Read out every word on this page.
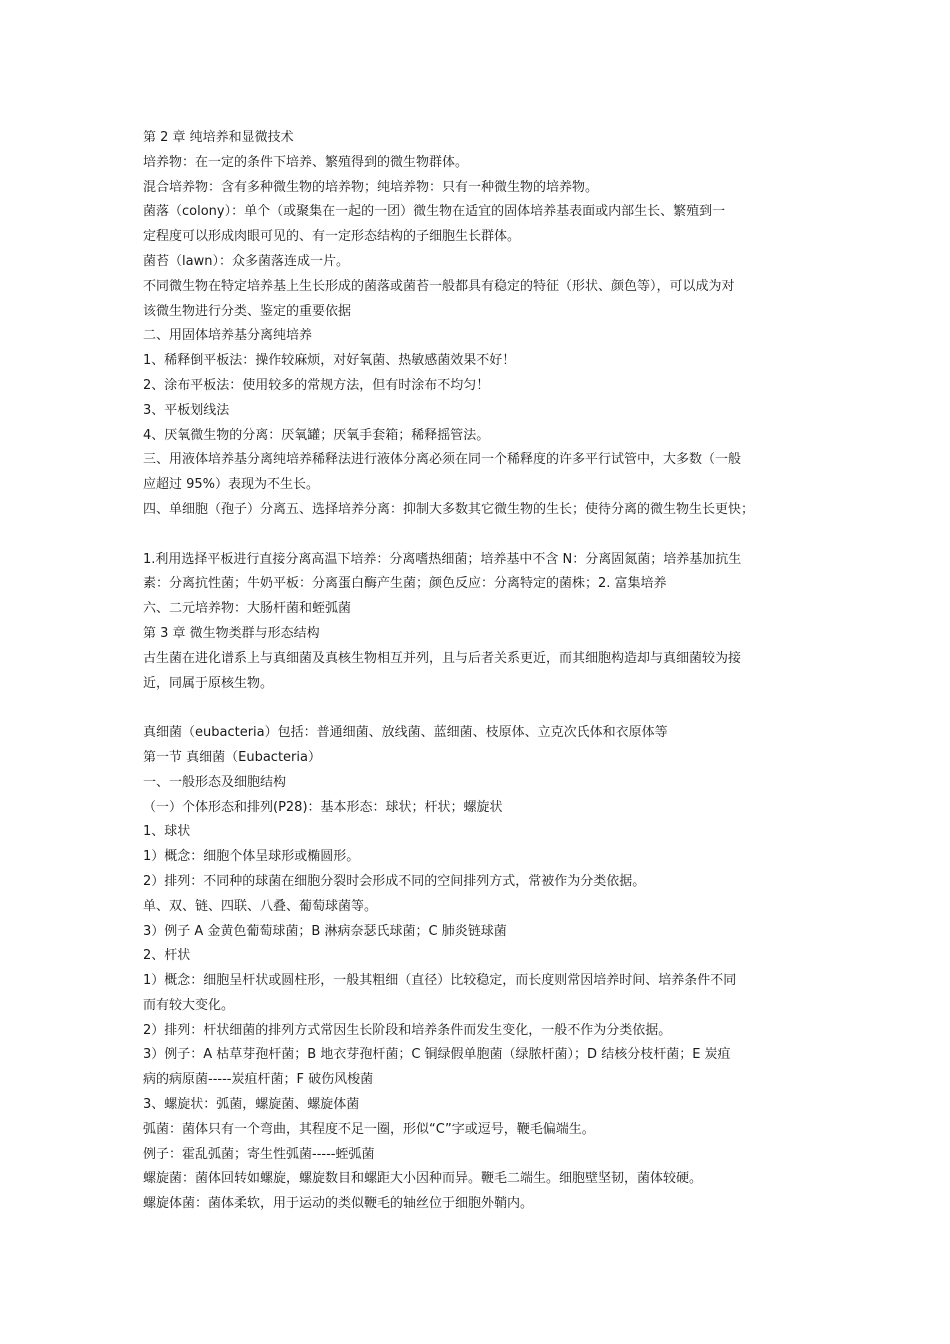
第 2 章 纯培养和显微技术
培养物：在一定的条件下培养、繁殖得到的微生物群体。
混合培养物：含有多种微生物的培养物；纯培养物：只有一种微生物的培养物。
菌落（colony）：单个（或聚集在一起的一团）微生物在适宜的固体培养基表面或内部生长、繁殖到一
定程度可以形成肉眼可见的、有一定形态结构的子细胞生长群体。
菌苔（lawn）：众多菌落连成一片。
不同微生物在特定培养基上生长形成的菌落或菌苔一般都具有稳定的特征（形状、颜色等），可以成为对
该微生物进行分类、鉴定的重要依据
二、用固体培养基分离纯培养
1、稀释倒平板法：操作较麻烦，对好氧菌、热敏感菌效果不好！
2、涂布平板法：使用较多的常规方法，但有时涂布不均匀！
3、平板划线法
4、厌氧微生物的分离：厌氧罐；厌氧手套箱；稀释摇管法。
三、用液体培养基分离纯培养稀释法进行液体分离必须在同一个稀释度的许多平行试管中，大多数（一般
应超过 95%）表现为不生长。
四、单细胞（孢子）分离五、选择培养分离：抑制大多数其它微生物的生长；使待分离的微生物生长更快；
1.利用选择平板进行直接分离高温下培养：分离嗜热细菌；培养基中不含 N：分离固氮菌；培养基加抗生
素：分离抗性菌；牛奶平板：分离蛋白酶产生菌；颜色反应：分离特定的菌株；2. 富集培养
六、二元培养物：大肠杆菌和蛭弧菌
第 3 章 微生物类群与形态结构
古生菌在进化谱系上与真细菌及真核生物相互并列，且与后者关系更近，而其细胞构造却与真细菌较为接
近，同属于原核生物。
真细菌（eubacteria）包括：普通细菌、放线菌、蓝细菌、枝原体、立克次氏体和衣原体等
第一节 真细菌（Eubacteria）
一、一般形态及细胞结构
（一）个体形态和排列(P28)：基本形态：球状；杆状；螺旋状
1、球状
1）概念：细胞个体呈球形或椭圆形。
2）排列：不同种的球菌在细胞分裂时会形成不同的空间排列方式，常被作为分类依据。
单、双、链、四联、八叠、葡萄球菌等。
3）例子 A 金黄色葡萄球菌；B 淋病奈瑟氏球菌；C 肺炎链球菌
2、杆状
1）概念：细胞呈杆状或圆柱形，一般其粗细（直径）比较稳定，而长度则常因培养时间、培养条件不同
而有较大变化。
2）排列：杆状细菌的排列方式常因生长阶段和培养条件而发生变化，一般不作为分类依据。
3）例子：A 枯草芽孢杆菌；B 地衣芽孢杆菌；C 铜绿假单胞菌（绿脓杆菌）；D 结核分枝杆菌；E 炭疽
病的病原菌-----炭疽杆菌；F 破伤风梭菌
3、螺旋状：弧菌，螺旋菌、螺旋体菌
弧菌：菌体只有一个弯曲，其程度不足一圈，形似“C”字或逗号，鞭毛偏端生。
例子：霍乱弧菌；寄生性弧菌-----蛭弧菌
螺旋菌：菌体回转如螺旋，螺旋数目和螺距大小因种而异。鞭毛二端生。细胞壁坚韧，菌体较硬。
螺旋体菌：菌体柔软，用于运动的类似鞭毛的轴丝位于细胞外鞘内。
